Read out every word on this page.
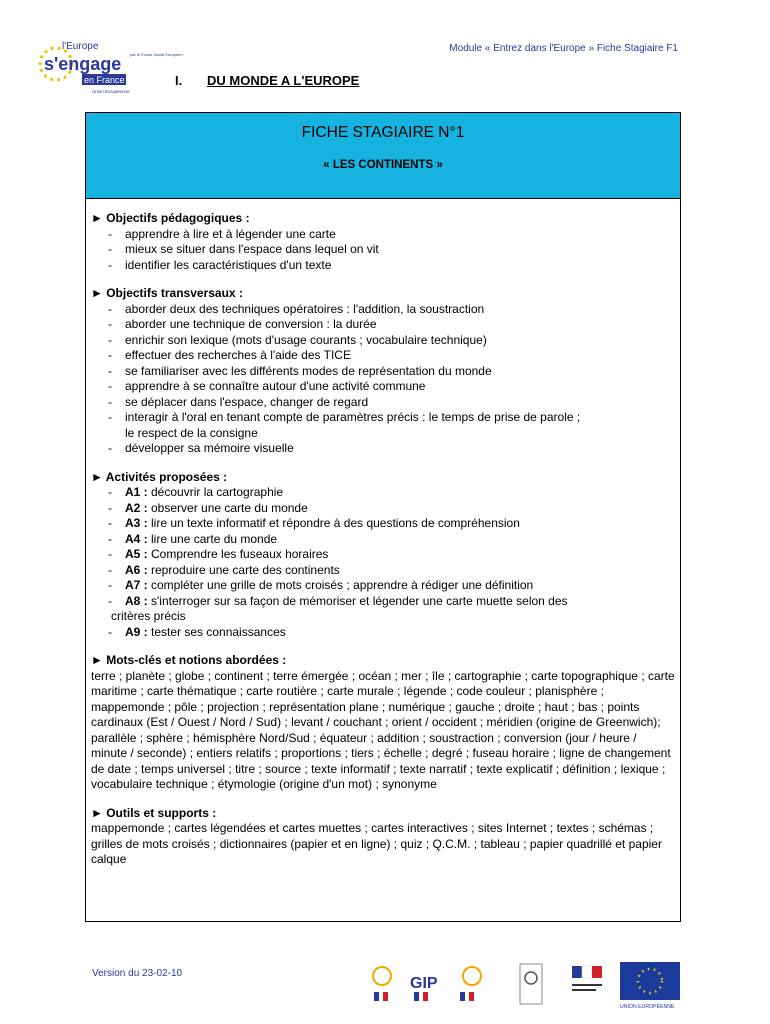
l'Europe
s'engage
en France
par le Fonds Social Européen
Union Européenne
Module « Entrez dans l'Europe » Fiche Stagiaire F1
I. DU MONDE A L'EUROPE
FICHE STAGIAIRE N°1
« LES CONTINENTS »
► Objectifs pédagogiques :
- apprendre à lire et à légender une carte
- mieux se situer dans l'espace dans lequel on vit
- identifier les caractéristiques d'un texte
► Objectifs transversaux :
- aborder deux des techniques opératoires : l'addition, la soustraction
- aborder une technique de conversion : la durée
- enrichir son lexique (mots d'usage courants ; vocabulaire technique)
- effectuer des recherches à l'aide des TICE
- se familiariser avec les différents modes de représentation du monde
- apprendre à se connaître autour d'une activité commune
- se déplacer dans l'espace, changer de regard
- interagir à l'oral en tenant compte de paramètres précis : le temps de prise de parole ;
le respect de la consigne
- développer sa mémoire visuelle
► Activités proposées :
- A1 : découvrir la cartographie
- A2 : observer une carte du monde
- A3 : lire un texte informatif et répondre à des questions de compréhension
- A4 : lire une carte du monde
- A5 : Comprendre les fuseaux horaires
- A6 : reproduire une carte des continents
- A7 : compléter une grille de mots croisés ; apprendre à rédiger une définition
- A8 : s'interroger sur sa façon de mémoriser et légender une carte muette selon des
critères précis
- A9 : tester ses connaissances
► Mots-clés et notions abordées :

terre ; planète ; globe ; continent ; terre émergée ; océan ; mer ; île ; cartographie ; carte topographique ; carte maritime ; carte thématique ; carte routière ; carte murale ; légende ; code couleur ; planisphère ; mappemonde ; pôle ; projection ; représentation plane ; numérique ; gauche ; droite ; haut ; bas ; points cardinaux (Est / Ouest / Nord / Sud) ; levant / couchant ; orient / occident ; méridien (origine de Greenwich); parallèle ; sphère ; hémisphère Nord/Sud ; équateur ; addition ; soustraction ; conversion (jour / heure / minute / seconde) ; entiers relatifs ; proportions ; tiers ; échelle ; degré ; fuseau horaire ; ligne de changement de date ; temps universel ; titre ; source ; texte informatif ; texte narratif ; texte explicatif ; définition ; lexique ; vocabulaire technique ; étymologie (origine d'un mot) ; synonyme

► Outils et supports :

mappemonde ; cartes légendées et cartes muettes ; cartes interactives ; sites Internet ; textes ; schémas ; grilles de mots croisés ; dictionnaires (papier et en ligne) ; quiz ; Q.C.M. ; tableau ; papier quadrillé et papier calque

Version du 23-02-10
GIP
UNION EUROPÉENNE
